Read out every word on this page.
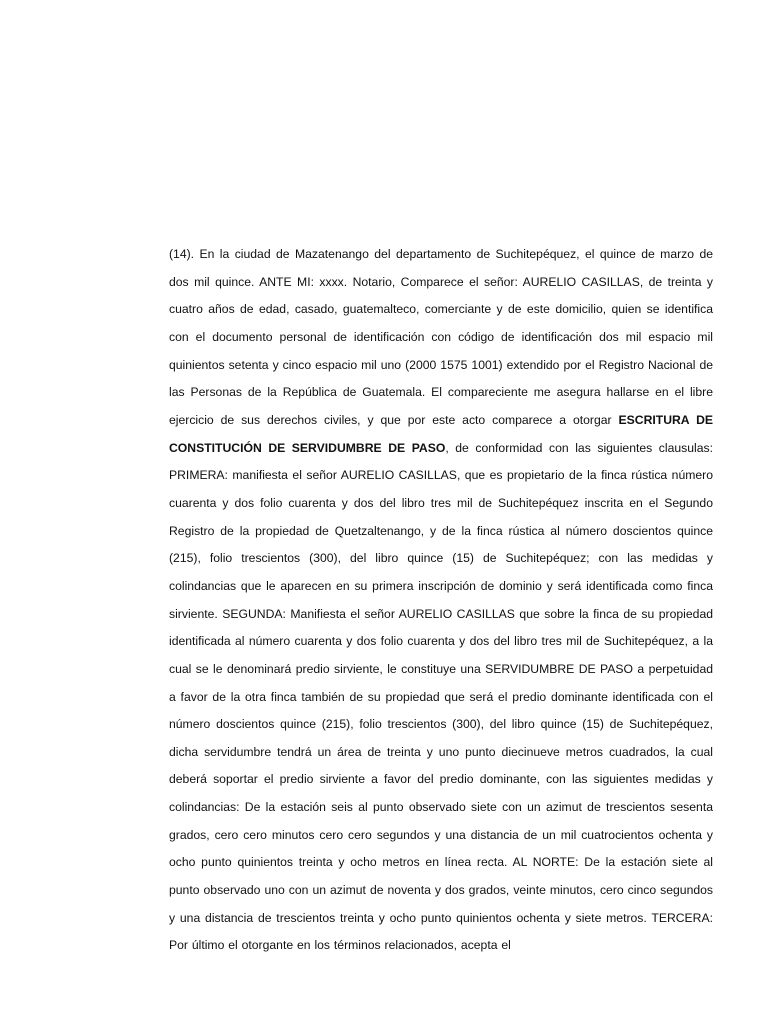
(14). En la ciudad de Mazatenango del departamento de Suchitepéquez, el quince de marzo de dos mil quince. ANTE MI: xxxx. Notario, Comparece el señor: AURELIO CASILLAS, de treinta y cuatro años de edad, casado, guatemalteco, comerciante y de este domicilio, quien se identifica con el documento personal de identificación con código de identificación dos mil espacio mil quinientos setenta y cinco espacio mil uno (2000 1575 1001) extendido por el Registro Nacional de las Personas de la República de Guatemala. El compareciente me asegura hallarse en el libre ejercicio de sus derechos civiles, y que por este acto comparece a otorgar ESCRITURA DE CONSTITUCIÓN DE SERVIDUMBRE DE PASO, de conformidad con las siguientes clausulas: PRIMERA: manifiesta el señor AURELIO CASILLAS, que es propietario de la finca rústica número cuarenta y dos folio cuarenta y dos del libro tres mil de Suchitepéquez inscrita en el Segundo Registro de la propiedad de Quetzaltenango, y de la finca rústica al número doscientos quince (215), folio trescientos (300), del libro quince (15) de Suchitepéquez; con las medidas y colindancias que le aparecen en su primera inscripción de dominio y será identificada como finca sirviente. SEGUNDA: Manifiesta el señor AURELIO CASILLAS que sobre la finca de su propiedad identificada al número cuarenta y dos folio cuarenta y dos del libro tres mil de Suchitepéquez, a la cual se le denominará predio sirviente, le constituye una SERVIDUMBRE DE PASO a perpetuidad a favor de la otra finca también de su propiedad que será el predio dominante identificada con el número doscientos quince (215), folio trescientos (300), del libro quince (15) de Suchitepéquez, dicha servidumbre tendrá un área de treinta y uno punto diecinueve metros cuadrados, la cual deberá soportar el predio sirviente a favor del predio dominante, con las siguientes medidas y colindancias: De la estación seis al punto observado siete con un azimut de trescientos sesenta grados, cero cero minutos cero cero segundos y una distancia de un mil cuatrocientos ochenta y ocho punto quinientos treinta y ocho metros en línea recta. AL NORTE: De la estación siete al punto observado uno con un azimut de noventa y dos grados, veinte minutos, cero cinco segundos y una distancia de trescientos treinta y ocho punto quinientos ochenta y siete metros. TERCERA: Por último el otorgante en los términos relacionados, acepta el
